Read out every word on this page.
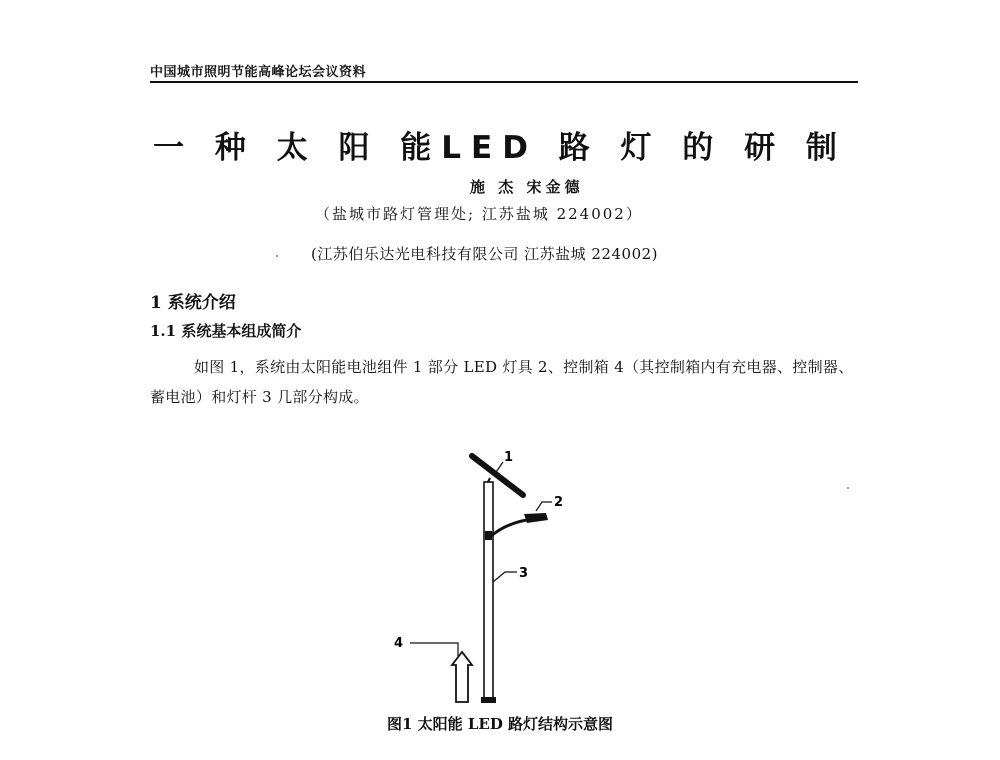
中国城市照明节能高峰论坛会议资料
一 种 太 阳 能LED 路 灯 的 研 制
施 杰 宋金德
（盐城市路灯管理处; 江苏盐城 224002）
(江苏伯乐达光电科技有限公司 江苏盐城 224002)
1 系统介绍
1.1 系统基本组成简介

如图 1，系统由太阳能电池组件 1 部分 LED 灯具 2、控制箱 4（其控制箱内有充电器、控制器、蓄电池）和灯杆 3 几部分构成。

1
2
3
4
图1 太阳能 LED 路灯结构示意图
